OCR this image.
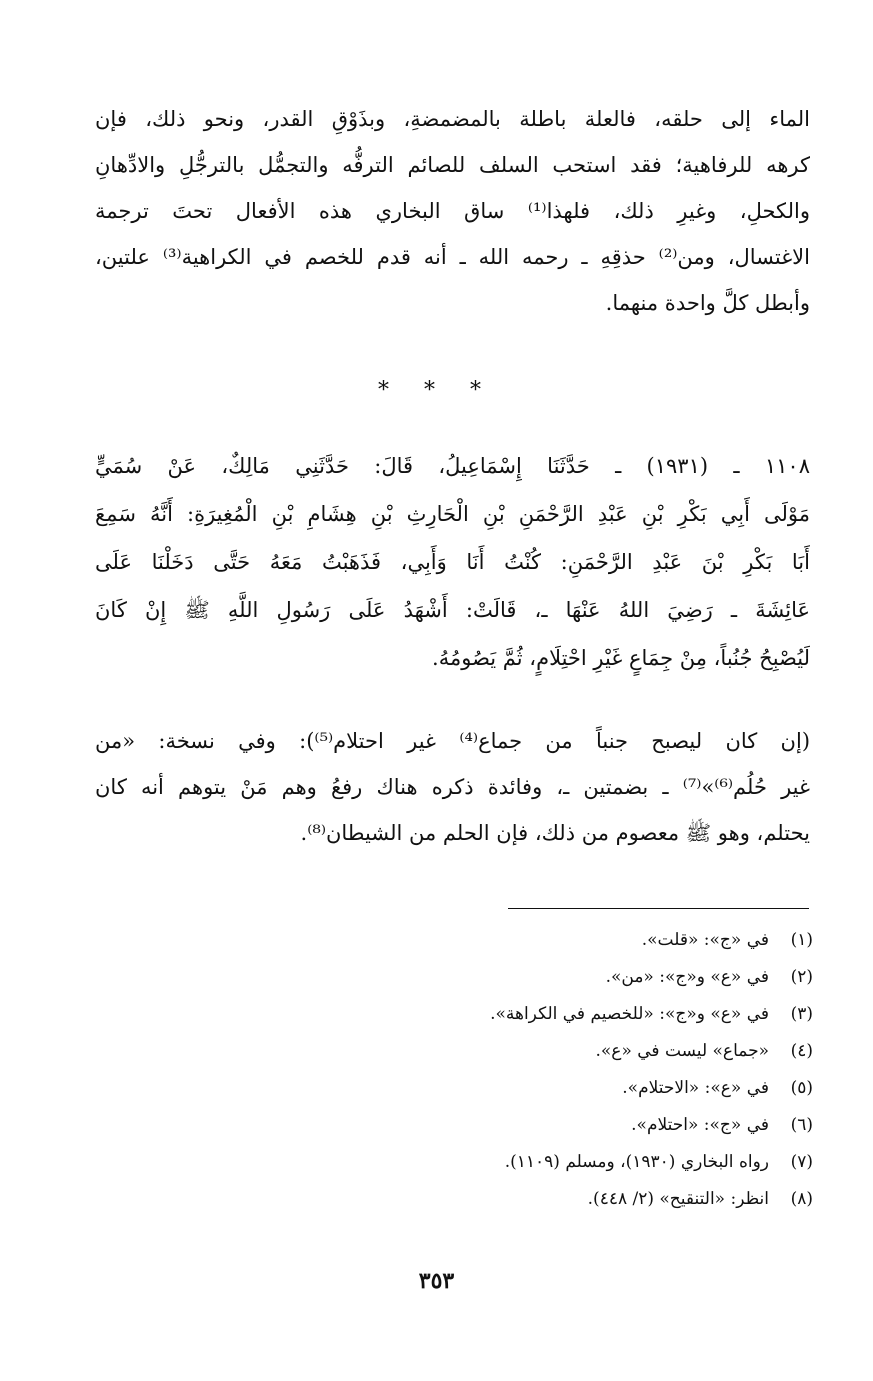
الماء إلى حلقه، فالعلة باطلة بالمضمضةِ، وبذَوْقِ القدر، ونحو ذلك، فإن
كرهه للرفاهية؛ فقد استحب السلف للصائم الترفُّه والتجمُّل بالترجُّلِ والادِّهانِ
والكحلِ، وغيرِ ذلك، فلهذا⁽¹⁾ ساق البخاري هذه الأفعال تحتَ ترجمة
الاغتسال، ومن⁽²⁾ حذقِهِ ـ رحمه الله ـ أنه قدم للخصم في الكراهية⁽³⁾ علتين،
وأبطل كلَّ واحدة منهما.
* * *
١١٠٨ ـ (١٩٣١) ـ حَدَّثَنَا إِسْمَاعِيلُ، قَالَ: حَدَّثَنِي مَالِكٌ، عَنْ سُمَيٍّ
مَوْلَى أَبِي بَكْرِ بْنِ عَبْدِ الرَّحْمَنِ بْنِ الْحَارِثِ بْنِ هِشَامِ بْنِ الْمُغِيرَةِ: أَنَّهُ سَمِعَ
أَبَا بَكْرِ بْنَ عَبْدِ الرَّحْمَنِ: كُنْتُ أَنَا وَأَبِي، فَذَهَبْتُ مَعَهُ حَتَّى دَخَلْنَا عَلَى
عَائِشَةَ ـ رَضِيَ اللهُ عَنْهَا ـ، قَالَتْ: أَشْهَدُ عَلَى رَسُولِ اللَّهِ ﷺ إِنْ كَانَ
لَيُصْبِحُ جُنُباً، مِنْ جِمَاعٍ غَيْرِ احْتِلَامٍ، ثُمَّ يَصُومُهُ.
(إن كان ليصبح جنباً من جماع⁽⁴⁾ غير احتلام⁽⁵⁾): وفي نسخة: «من
غير حُلُم⁽⁶⁾»⁽⁷⁾ ـ بضمتين ـ، وفائدة ذكره هناك رفعُ وهم مَنْ يتوهم أنه كان
يحتلم، وهو ﷺ معصوم من ذلك، فإن الحلم من الشيطان⁽⁸⁾.
(١)
في «ج»: «قلت».
(٢)
في «ع» و«ج»: «من».
(٣)
في «ع» و«ج»: «للخصيم في الكراهة».
(٤)
«جماع» ليست في «ع».
(٥)
في «ع»: «الاحتلام».
(٦)
في «ج»: «احتلام».
(٧)
رواه البخاري (١٩٣٠)، ومسلم (١١٠٩).
(٨)
انظر: «التنقيح» (٢/ ٤٤٨).
٣٥٣
